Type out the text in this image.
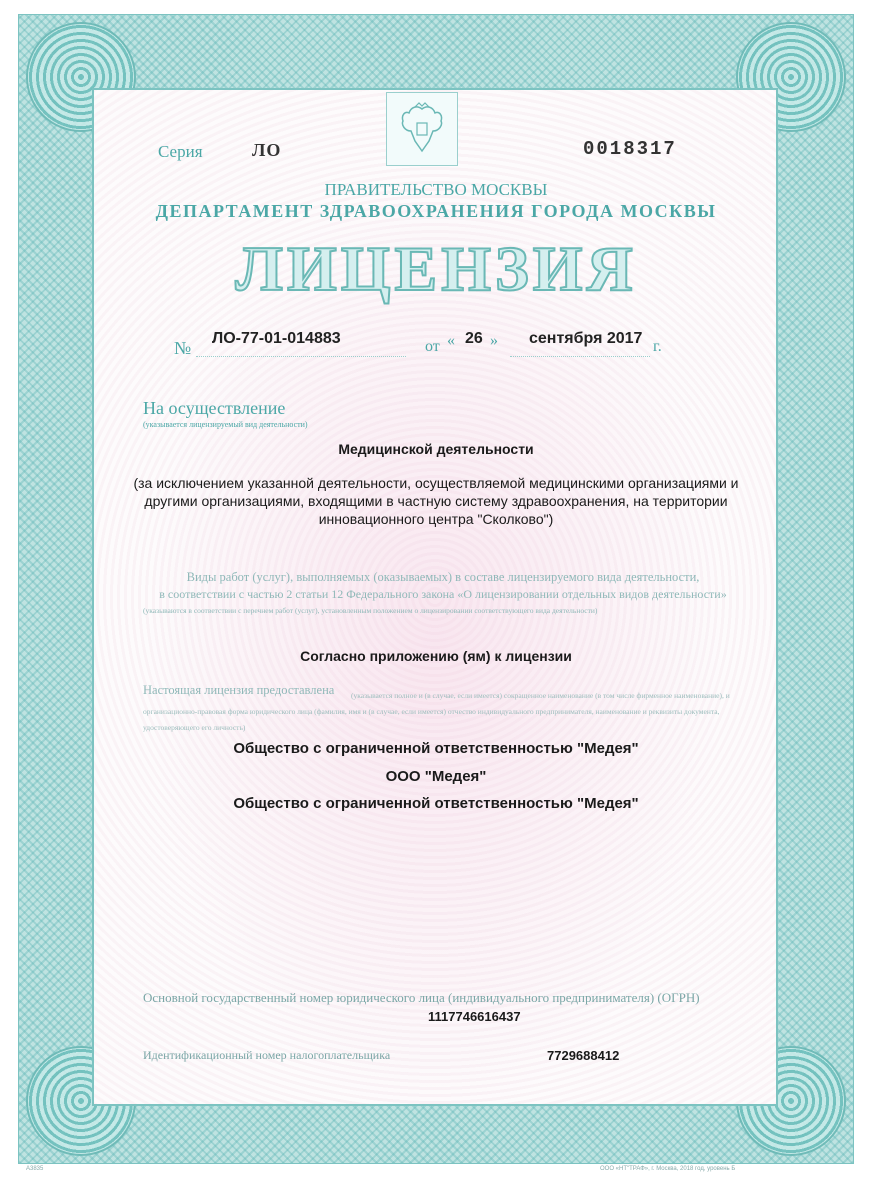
Серия	ЛО	0018317
ПРАВИТЕЛЬСТВО МОСКВЫ
ДЕПАРТАМЕНТ ЗДРАВООХРАНЕНИЯ ГОРОДА МОСКВЫ
ЛИЦЕНЗИЯ
№ ЛО-77-01-014883	от « 26 » сентября 2017 г.
На осуществление
(указывается лицензируемый вид деятельности)
Медицинской деятельности
(за исключением указанной деятельности, осуществляемой медицинскими организациями и другими организациями, входящими в частную систему здравоохранения, на территории инновационного центра "Сколково")
Виды работ (услуг), выполняемых (оказываемых) в составе лицензируемого вида деятельности,
в соответствии с частью 2 статьи 12 Федерального закона «О лицензировании отдельных видов деятельности»
(указываются в соответствии с перечнем работ (услуг), установленным положением о лицензировании соответствующего вида деятельности)
Согласно приложению (ям) к лицензии
Настоящая лицензия предоставлена	(указывается полное и (в случае, если имеется) сокращенное наименование (в том числе фирменное наименование), и организационно-правовая форма юридического лица (фамилия, имя и (в случае, если имеется) отчество индивидуального предпринимателя, наименование и реквизиты документа, удостоверяющего его личность)
Общество с ограниченной ответственностью "Медея"
ООО "Медея"
Общество с ограниченной ответственностью "Медея"
Основной государственный номер юридического лица (индивидуального предпринимателя) (ОГРН)
1117746616437
Идентификационный номер налогоплательщика	7729688412
А3835	ООО «НТ"ТРАФ», г. Москва, 2018 год, уровень Б
